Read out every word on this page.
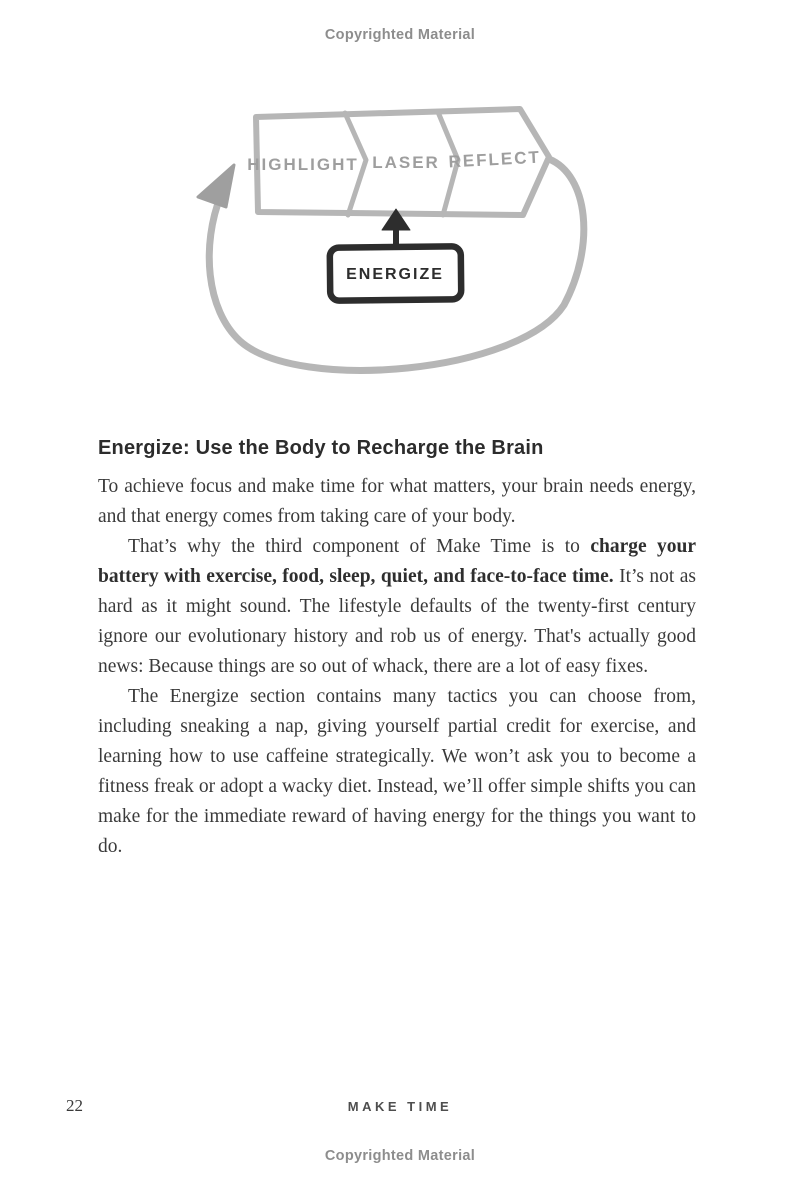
Copyrighted Material
HIGHLIGHT LASER REFLECT
ENERGIZE
Energize: Use the Body to Recharge the Brain

To achieve focus and make time for what matters, your brain needs energy, and that energy comes from taking care of your body.

That’s why the third component of Make Time is to charge your battery with exercise, food, sleep, quiet, and face-to-face time. It’s not as hard as it might sound. The lifestyle defaults of the twenty-first century ignore our evolutionary history and rob us of energy. That's actually good news: Because things are so out of whack, there are a lot of easy fixes.

The Energize section contains many tactics you can choose from, including sneaking a nap, giving yourself partial credit for exercise, and learning how to use caffeine strategically. We won’t ask you to become a fitness freak or adopt a wacky diet. Instead, we’ll offer simple shifts you can make for the immediate reward of having energy for the things you want to do.

22	MAKE TIME
Copyrighted Material
